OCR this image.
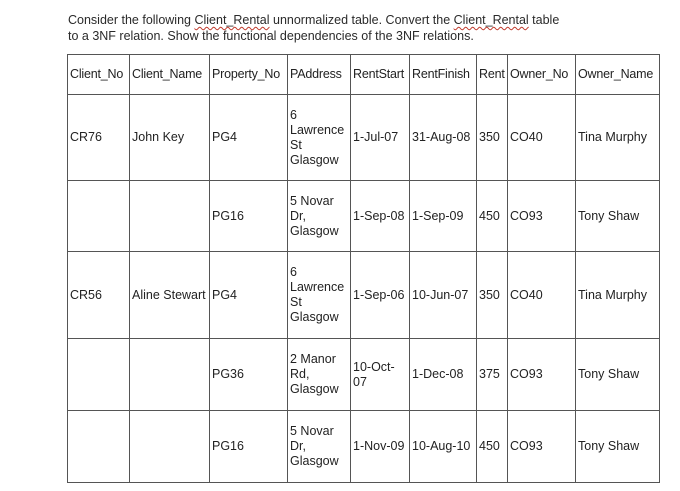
Consider the following Client_Rental unnormalized table. Convert the Client_Rental table

to a 3NF relation. Show the functional dependencies of the 3NF relations.

Client_No	Client_Name	Property_No	PAddress	RentStart	RentFinish	Rent	Owner_No	Owner_Name
CR76	John Key	PG4	6 Lawrence St Glasgow	1-Jul-07	31-Aug-08	350	CO40	Tina Murphy
		PG16	5 Novar Dr, Glasgow	1-Sep-08	1-Sep-09	450	CO93	Tony Shaw
CR56	Aline Stewart	PG4	6 Lawrence St Glasgow	1-Sep-06	10-Jun-07	350	CO40	Tina Murphy
		PG36	2 Manor Rd, Glasgow	10-Oct-07	1-Dec-08	375	CO93	Tony Shaw
		PG16	5 Novar Dr, Glasgow	1-Nov-09	10-Aug-10	450	CO93	Tony Shaw
